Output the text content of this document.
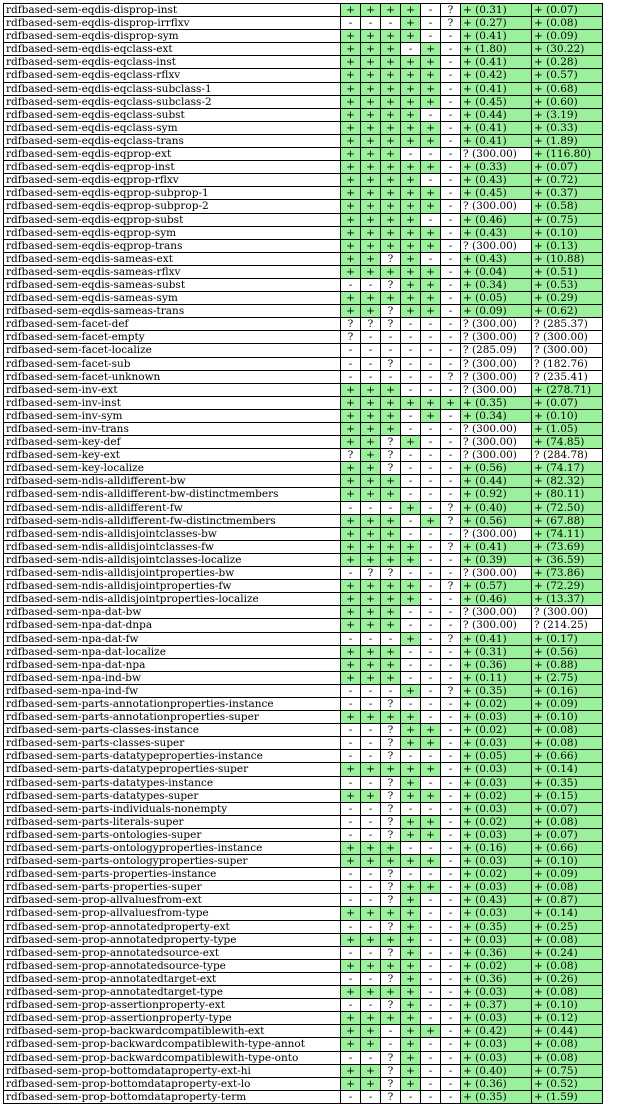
rdfbased-sem-eqdis-disprop-inst	+	+	+	+	-	?	+ (0.31)	+ (0.07)
rdfbased-sem-eqdis-disprop-irrflxv	-	-	-	+	-	?	+ (0.27)	+ (0.08)
rdfbased-sem-eqdis-disprop-sym	+	+	+	+	-	-	+ (0.41)	+ (0.09)
rdfbased-sem-eqdis-eqclass-ext	+	+	+	-	+	-	+ (1.80)	+ (30.22)
rdfbased-sem-eqdis-eqclass-inst	+	+	+	+	+	-	+ (0.41)	+ (0.28)
rdfbased-sem-eqdis-eqclass-rflxv	+	+	+	+	+	-	+ (0.42)	+ (0.57)
rdfbased-sem-eqdis-eqclass-subclass-1	+	+	+	+	+	-	+ (0.41)	+ (0.68)
rdfbased-sem-eqdis-eqclass-subclass-2	+	+	+	+	+	-	+ (0.45)	+ (0.60)
rdfbased-sem-eqdis-eqclass-subst	+	+	+	+	-	-	+ (0.44)	+ (3.19)
rdfbased-sem-eqdis-eqclass-sym	+	+	+	+	+	-	+ (0.41)	+ (0.33)
rdfbased-sem-eqdis-eqclass-trans	+	+	+	+	+	-	+ (0.41)	+ (1.89)
rdfbased-sem-eqdis-eqprop-ext	+	+	+	-	-	-	? (300.00)	+ (116.80)
rdfbased-sem-eqdis-eqprop-inst	+	+	+	+	+	-	+ (0.33)	+ (0.07)
rdfbased-sem-eqdis-eqprop-rflxv	+	+	+	+	-	-	+ (0.43)	+ (0.72)
rdfbased-sem-eqdis-eqprop-subprop-1	+	+	+	+	+	-	+ (0.45)	+ (0.37)
rdfbased-sem-eqdis-eqprop-subprop-2	+	+	+	+	+	-	? (300.00)	+ (0.58)
rdfbased-sem-eqdis-eqprop-subst	+	+	+	+	-	-	+ (0.46)	+ (0.75)
rdfbased-sem-eqdis-eqprop-sym	+	+	+	+	+	-	+ (0.43)	+ (0.10)
rdfbased-sem-eqdis-eqprop-trans	+	+	+	+	+	-	? (300.00)	+ (0.13)
rdfbased-sem-eqdis-sameas-ext	+	+	?	+	-	-	+ (0.43)	+ (10.88)
rdfbased-sem-eqdis-sameas-rflxv	+	+	+	+	+	-	+ (0.04)	+ (0.51)
rdfbased-sem-eqdis-sameas-subst	-	-	?	+	+	-	+ (0.34)	+ (0.53)
rdfbased-sem-eqdis-sameas-sym	+	+	+	+	+	-	+ (0.05)	+ (0.29)
rdfbased-sem-eqdis-sameas-trans	+	+	?	+	+	-	+ (0.09)	+ (0.62)
rdfbased-sem-facet-def	?	?	?	-	-	-	? (300.00)	? (285.37)
rdfbased-sem-facet-empty	?	-	-	-	-	-	? (300.00)	? (300.00)
rdfbased-sem-facet-localize	-	-	-	-	-	-	? (285.09)	? (300.00)
rdfbased-sem-facet-sub	-	-	?	-	-	-	? (300.00)	? (182.76)
rdfbased-sem-facet-unknown	-	-	-	-	-	?	? (300.00)	? (235.41)
rdfbased-sem-inv-ext	+	+	+	-	-	-	? (300.00)	+ (278.71)
rdfbased-sem-inv-inst	+	+	+	+	+	+	+ (0.35)	+ (0.07)
rdfbased-sem-inv-sym	+	+	+	-	+	-	+ (0.34)	+ (0.10)
rdfbased-sem-inv-trans	+	+	+	-	-	-	? (300.00)	+ (1.05)
rdfbased-sem-key-def	+	+	?	+	-	-	? (300.00)	+ (74.85)
rdfbased-sem-key-ext	?	+	?	-	-	-	? (300.00)	? (284.78)
rdfbased-sem-key-localize	+	+	?	-	-	-	+ (0.56)	+ (74.17)
rdfbased-sem-ndis-alldifferent-bw	+	+	+	-	-	-	+ (0.44)	+ (82.32)
rdfbased-sem-ndis-alldifferent-bw-distinctmembers	+	+	+	-	-	-	+ (0.92)	+ (80.11)
rdfbased-sem-ndis-alldifferent-fw	-	-	-	+	-	?	+ (0.40)	+ (72.50)
rdfbased-sem-ndis-alldifferent-fw-distinctmembers	+	+	+	-	+	?	+ (0.56)	+ (67.88)
rdfbased-sem-ndis-alldisjointclasses-bw	+	+	+	-	-	-	? (300.00)	+ (74.11)
rdfbased-sem-ndis-alldisjointclasses-fw	+	+	+	+	-	?	+ (0.41)	+ (73.69)
rdfbased-sem-ndis-alldisjointclasses-localize	+	+	+	+	-	-	+ (0.39)	+ (36.59)
rdfbased-sem-ndis-alldisjointproperties-bw	-	?	?	-	-	-	? (300.00)	+ (73.86)
rdfbased-sem-ndis-alldisjointproperties-fw	+	+	+	+	-	?	+ (0.57)	+ (72.29)
rdfbased-sem-ndis-alldisjointproperties-localize	+	+	+	+	-	-	+ (0.46)	+ (13.37)
rdfbased-sem-npa-dat-bw	+	+	+	-	-	-	? (300.00)	? (300.00)
rdfbased-sem-npa-dat-dnpa	+	+	+	-	-	-	? (300.00)	? (214.25)
rdfbased-sem-npa-dat-fw	-	-	-	+	-	?	+ (0.41)	+ (0.17)
rdfbased-sem-npa-dat-localize	+	+	+	-	-	-	+ (0.31)	+ (0.56)
rdfbased-sem-npa-dat-npa	+	+	+	-	-	-	+ (0.36)	+ (0.88)
rdfbased-sem-npa-ind-bw	+	+	+	-	-	-	+ (0.11)	+ (2.75)
rdfbased-sem-npa-ind-fw	-	-	-	+	-	?	+ (0.35)	+ (0.16)
rdfbased-sem-parts-annotationproperties-instance	-	-	?	-	-	-	+ (0.02)	+ (0.09)
rdfbased-sem-parts-annotationproperties-super	+	+	+	+	-	-	+ (0.03)	+ (0.10)
rdfbased-sem-parts-classes-instance	-	-	?	+	+	-	+ (0.02)	+ (0.08)
rdfbased-sem-parts-classes-super	-	-	?	+	+	-	+ (0.03)	+ (0.08)
rdfbased-sem-parts-datatypeproperties-instance	-	-	?	-	-	-	+ (0.05)	+ (0.66)
rdfbased-sem-parts-datatypeproperties-super	+	+	+	+	+	-	+ (0.03)	+ (0.14)
rdfbased-sem-parts-datatypes-instance	-	-	?	+	-	-	+ (0.03)	+ (0.35)
rdfbased-sem-parts-datatypes-super	+	+	?	+	+	-	+ (0.02)	+ (0.15)
rdfbased-sem-parts-individuals-nonempty	-	-	?	-	-	-	+ (0.03)	+ (0.07)
rdfbased-sem-parts-literals-super	-	-	?	+	+	-	+ (0.02)	+ (0.08)
rdfbased-sem-parts-ontologies-super	-	-	?	+	+	-	+ (0.03)	+ (0.07)
rdfbased-sem-parts-ontologyproperties-instance	+	+	+	-	-	-	+ (0.16)	+ (0.66)
rdfbased-sem-parts-ontologyproperties-super	+	+	+	+	+	-	+ (0.03)	+ (0.10)
rdfbased-sem-parts-properties-instance	-	-	?	-	-	-	+ (0.02)	+ (0.09)
rdfbased-sem-parts-properties-super	-	-	?	+	+	-	+ (0.03)	+ (0.08)
rdfbased-sem-prop-allvaluesfrom-ext	-	-	?	+	-	-	+ (0.43)	+ (0.87)
rdfbased-sem-prop-allvaluesfrom-type	+	+	+	+	-	-	+ (0.03)	+ (0.14)
rdfbased-sem-prop-annotatedproperty-ext	-	-	?	+	-	-	+ (0.35)	+ (0.25)
rdfbased-sem-prop-annotatedproperty-type	+	+	+	+	-	-	+ (0.03)	+ (0.08)
rdfbased-sem-prop-annotatedsource-ext	-	-	?	+	-	-	+ (0.36)	+ (0.24)
rdfbased-sem-prop-annotatedsource-type	+	+	+	+	-	-	+ (0.02)	+ (0.08)
rdfbased-sem-prop-annotatedtarget-ext	-	-	?	+	-	-	+ (0.36)	+ (0.26)
rdfbased-sem-prop-annotatedtarget-type	+	+	+	+	-	-	+ (0.03)	+ (0.08)
rdfbased-sem-prop-assertionproperty-ext	-	-	?	+	-	-	+ (0.37)	+ (0.10)
rdfbased-sem-prop-assertionproperty-type	+	+	+	+	-	-	+ (0.03)	+ (0.12)
rdfbased-sem-prop-backwardcompatiblewith-ext	+	+	-	+	+	-	+ (0.42)	+ (0.44)
rdfbased-sem-prop-backwardcompatiblewith-type-annot	+	+	-	+	-	-	+ (0.03)	+ (0.08)
rdfbased-sem-prop-backwardcompatiblewith-type-onto	-	-	?	+	-	-	+ (0.03)	+ (0.08)
rdfbased-sem-prop-bottomdataproperty-ext-hi	+	+	?	+	-	-	+ (0.40)	+ (0.75)
rdfbased-sem-prop-bottomdataproperty-ext-lo	+	+	?	+	-	-	+ (0.36)	+ (0.52)
rdfbased-sem-prop-bottomdataproperty-term	-	-	?	-	-	-	+ (0.35)	+ (1.59)
